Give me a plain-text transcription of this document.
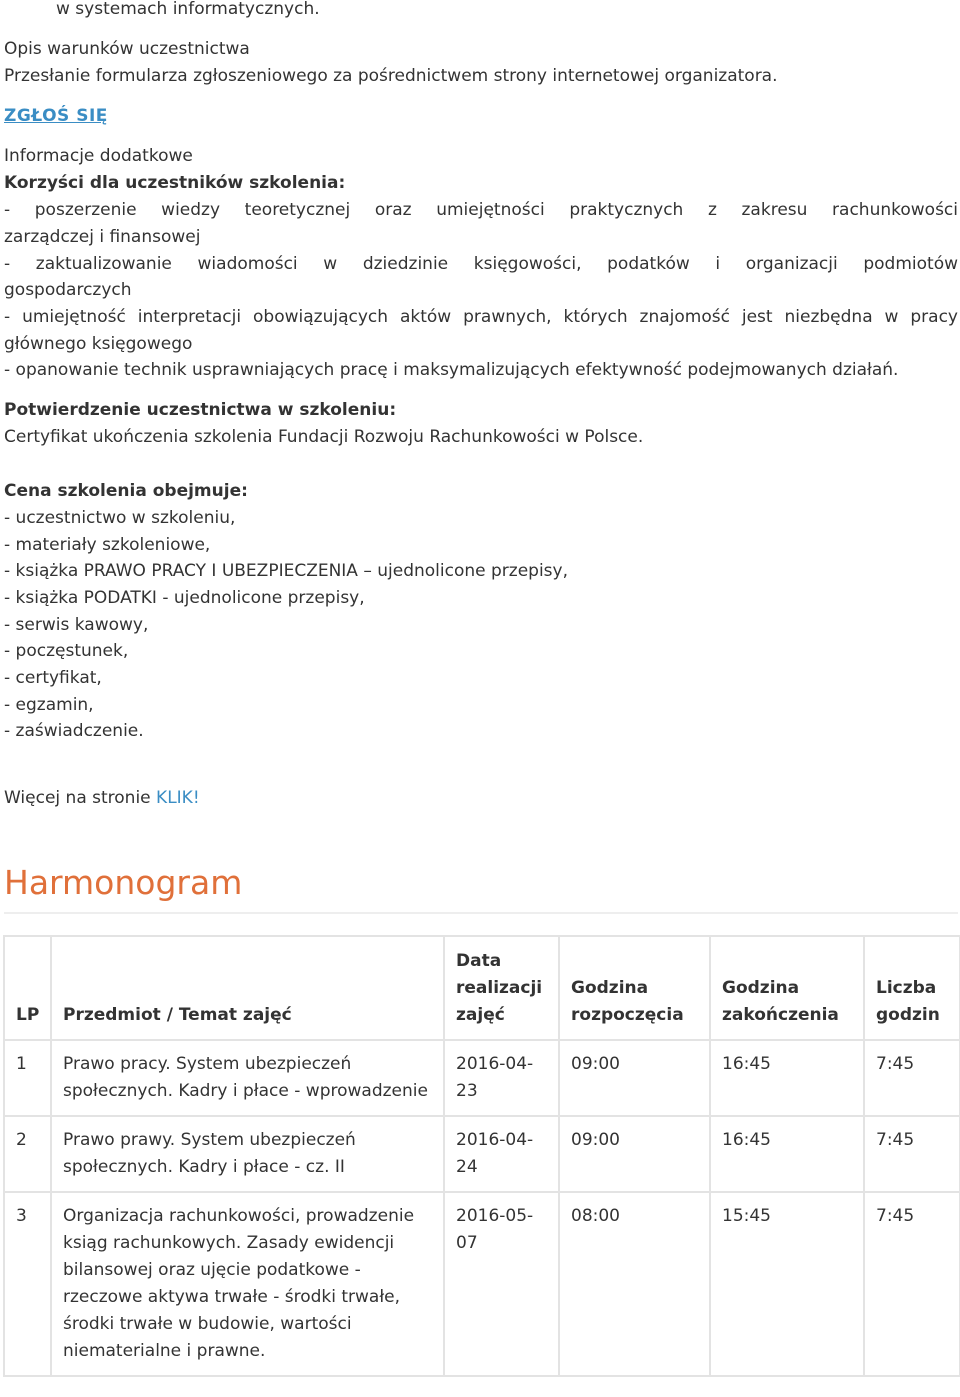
w systemach informatycznych.
Opis warunków uczestnictwa
Przesłanie formularza zgłoszeniowego za pośrednictwem strony internetowej organizatora.
ZGŁOŚ SIĘ
Informacje dodatkowe
Korzyści dla uczestników szkolenia:
- poszerzenie wiedzy teoretycznej oraz umiejętności praktycznych z zakresu rachunkowości
zarządczej i finansowej
- zaktualizowanie wiadomości w dziedzinie księgowości, podatków i organizacji podmiotów
gospodarczych
- umiejętność interpretacji obowiązujących aktów prawnych, których znajomość jest niezbędna w pracy
głównego księgowego
- opanowanie technik usprawniających pracę i maksymalizujących efektywność podejmowanych działań.
Potwierdzenie uczestnictwa w szkoleniu:
Certyfikat ukończenia szkolenia Fundacji Rozwoju Rachunkowości w Polsce.
Cena szkolenia obejmuje:
- uczestnictwo w szkoleniu,
- materiały szkoleniowe,
- książka PRAWO PRACY I UBEZPIECZENIA – ujednolicone przepisy,
- książka PODATKI - ujednolicone przepisy,
- serwis kawowy,
- poczęstunek,
- certyfikat,
- egzamin,
- zaświadczenie.
Więcej na stronie KLIK!
Harmonogram
LP	Przedmiot / Temat zajęć	Data realizacji zajęć	Godzina rozpoczęcia	Godzina zakończenia	Liczba godzin
1	Prawo pracy. System ubezpieczeń społecznych. Kadry i płace - wprowadzenie	2016-04-23	09:00	16:45	7:45
2	Prawo prawy. System ubezpieczeń społecznych. Kadry i płace - cz. II	2016-04-24	09:00	16:45	7:45
3	Organizacja rachunkowości, prowadzenie ksiąg rachunkowych. Zasady ewidencji bilansowej oraz ujęcie podatkowe - rzeczowe aktywa trwałe - środki trwałe, środki trwałe w budowie, wartości niematerialne i prawne.	2016-05-07	08:00	15:45	7:45
